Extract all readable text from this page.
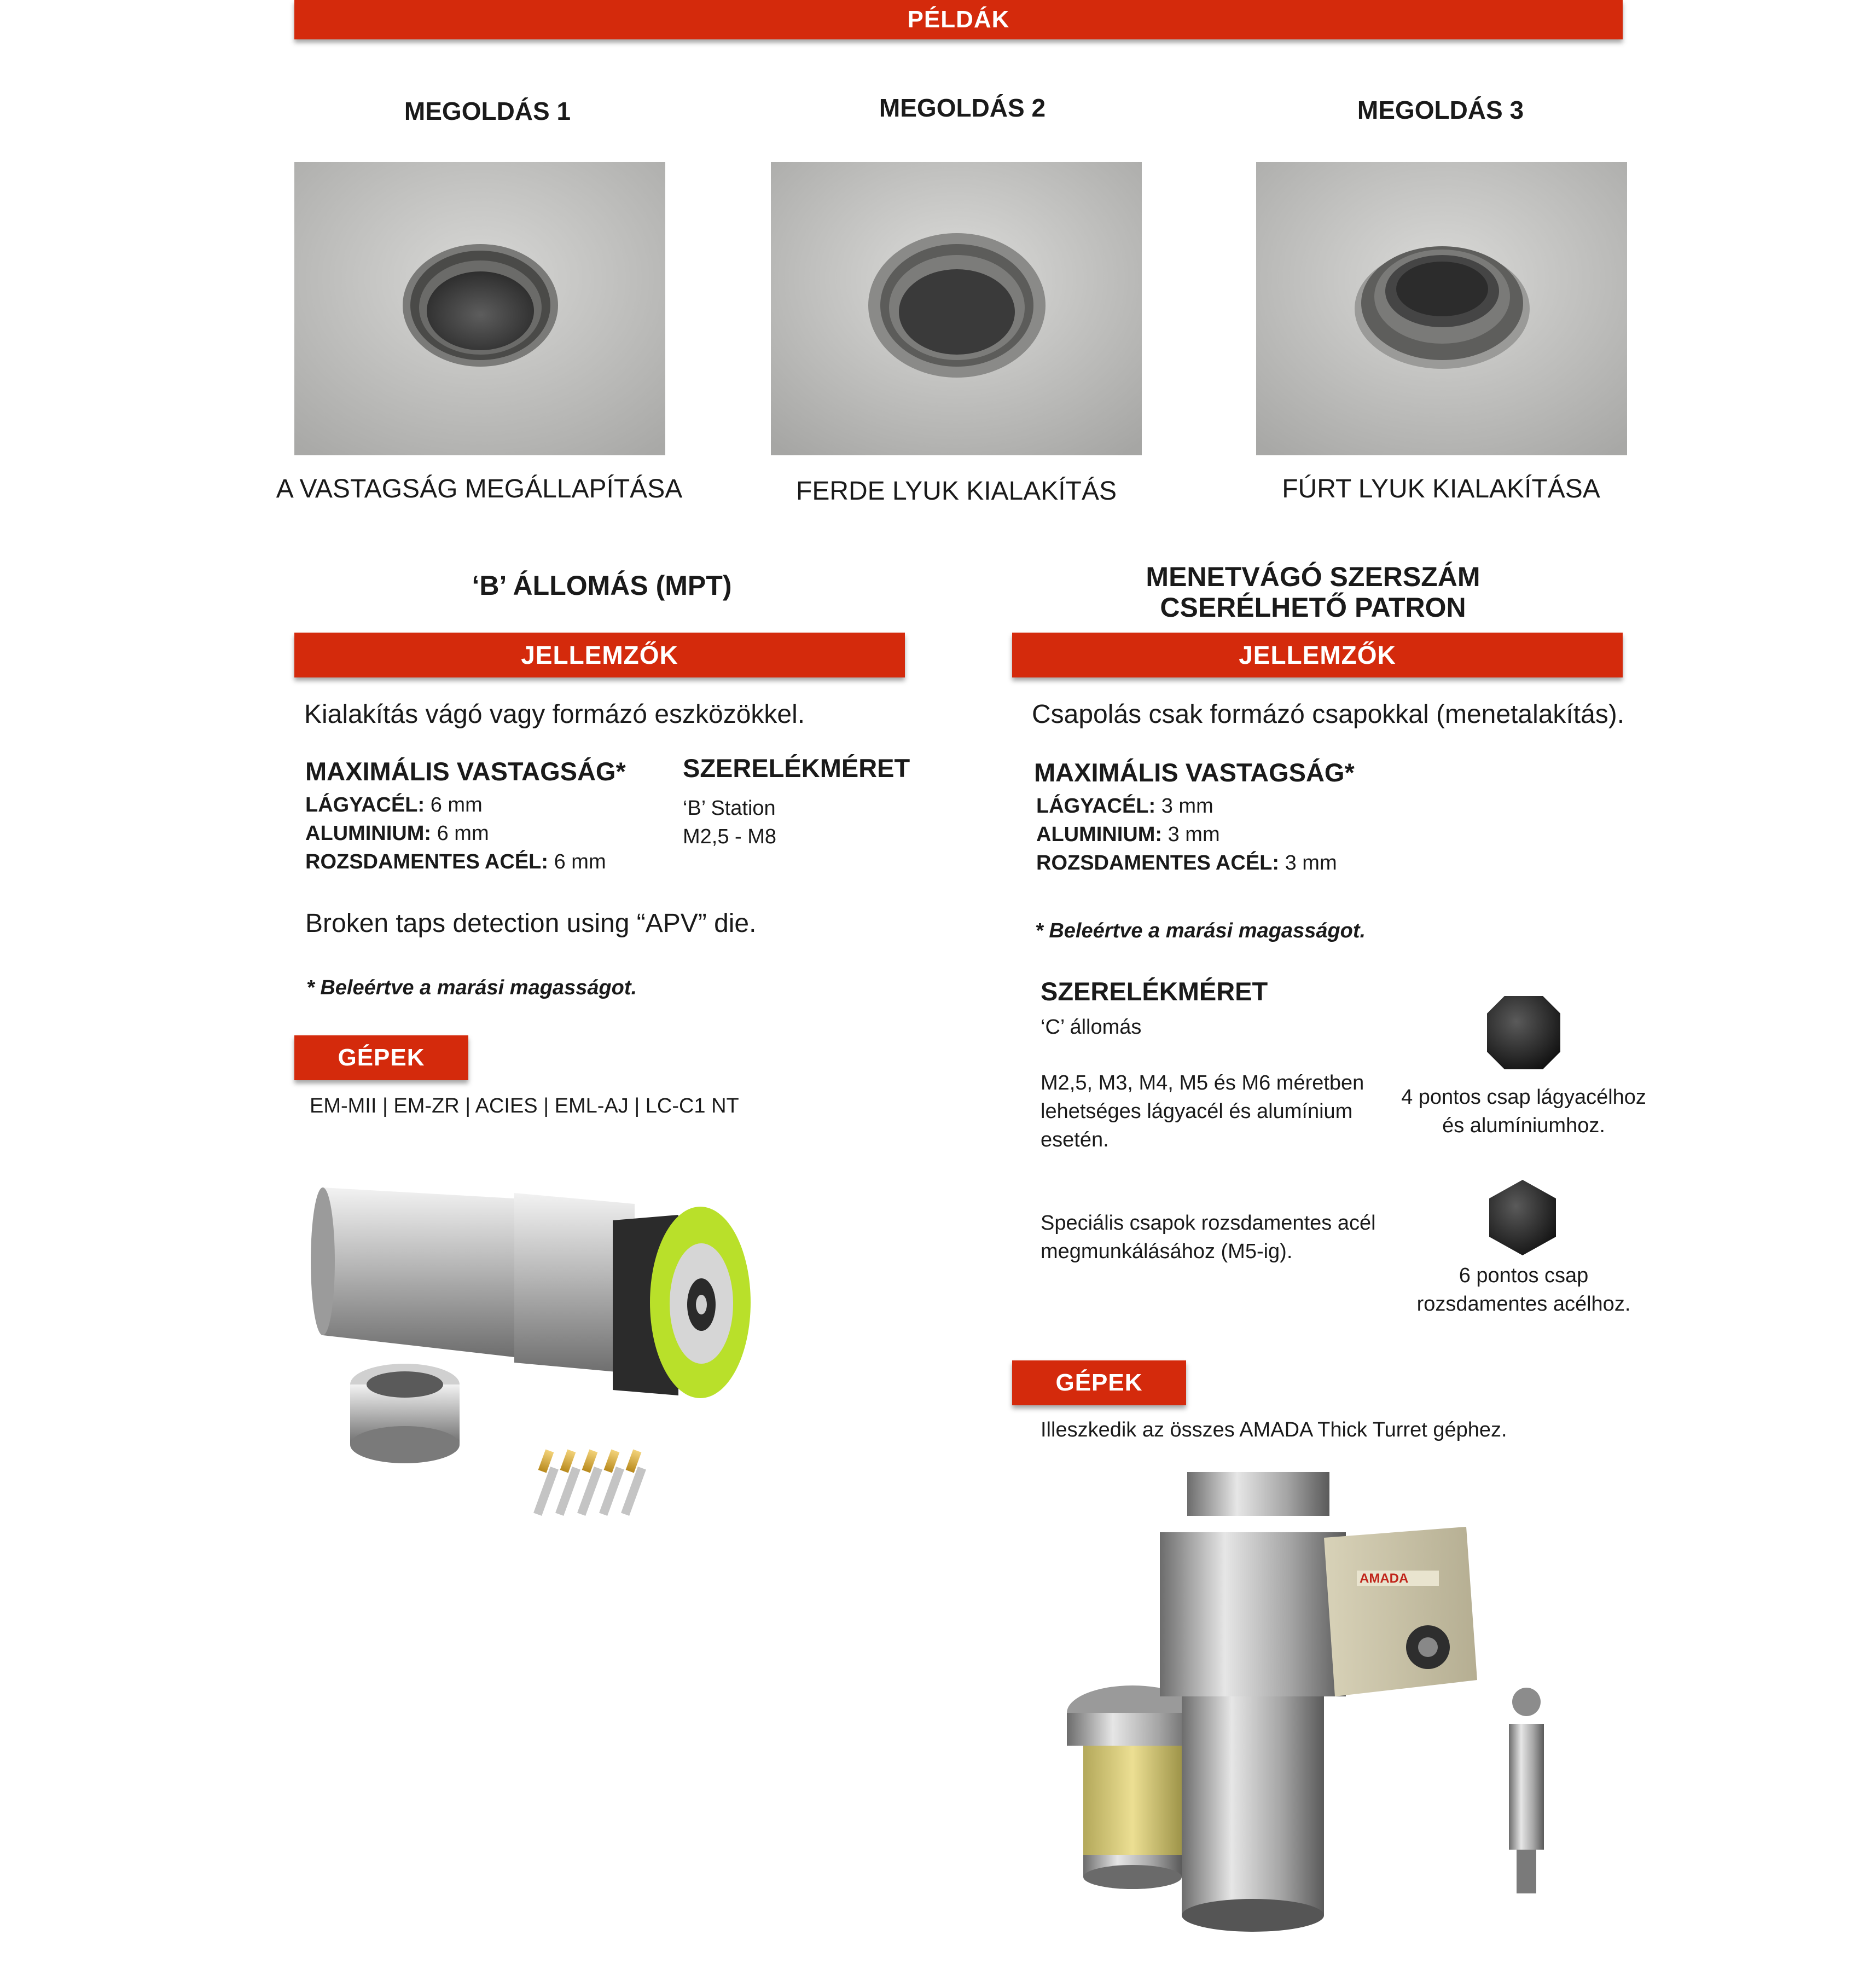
PÉLDÁK
MEGOLDÁS 1	MEGOLDÁS 2	MEGOLDÁS 3
A VASTAGSÁG MEGÁLLAPÍTÁSA	FERDE LYUK KIALAKÍTÁS	FÚRT LYUK KIALAKÍTÁSA
‘B’ ÁLLOMÁS (MPT)
JELLEMZŐK
Kialakítás vágó vagy formázó eszközökkel.
MAXIMÁLIS VASTAGSÁG*
LÁGYACÉL: 6 mm
ALUMINIUM: 6 mm
ROZSDAMENTES ACÉL: 6 mm
SZERELÉKMÉRET
‘B’ Station
M2,5 - M8
Broken taps detection using “APV” die.
* Beleértve a marási magasságot.
GÉPEK
EM-MII | EM-ZR | ACIES | EML-AJ | LC-C1 NT
MENETVÁGÓ SZERSZÁM
CSERÉLHETŐ PATRON
JELLEMZŐK
Csapolás csak formázó csapokkal (menetalakítás).
MAXIMÁLIS VASTAGSÁG*
LÁGYACÉL: 3 mm
ALUMINIUM: 3 mm
ROZSDAMENTES ACÉL: 3 mm
* Beleértve a marási magasságot.
SZERELÉKMÉRET
‘C’ állomás
M2,5, M3, M4, M5 és M6 méretben
lehetséges lágyacél és alumínium
esetén.
Speciális csapok rozsdamentes acél
megmunkálásához (M5-ig).
4 pontos csap lágyacélhoz
és alumíniumhoz.
6 pontos csap
rozsdamentes acélhoz.
GÉPEK
Illeszkedik az összes AMADA Thick Turret géphez.
AMADA
